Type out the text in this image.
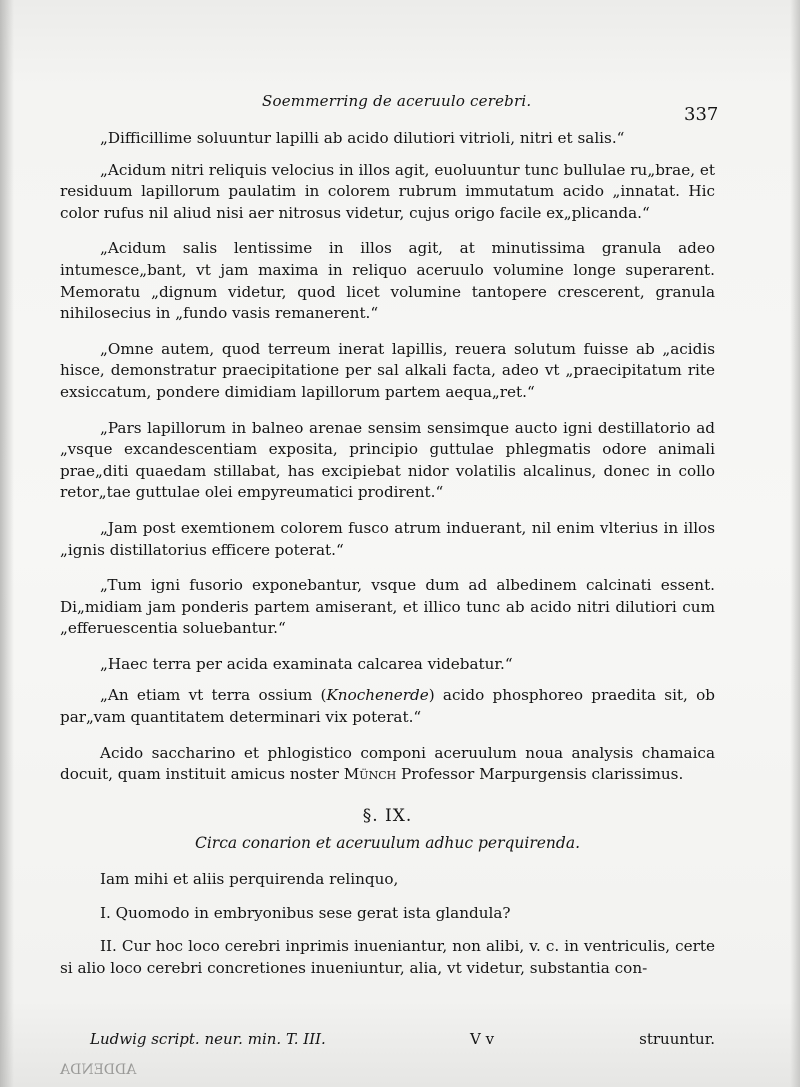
Soemmerring de aceruulo cerebri.
337

„Difficillime soluuntur lapilli ab acido dilutiori vitrioli, nitri et salis.“

„Acidum nitri reliquis velocius in illos agit, euoluuntur tunc bullulae ru„brae, et residuum lapillorum paulatim in colorem rubrum immutatum acido „innatat. Hic color rufus nil aliud nisi aer nitrosus videtur, cujus origo facile ex„plicanda.“

„Acidum salis lentissime in illos agit, at minutissima granula adeo intumesce„bant, vt jam maxima in reliquo aceruulo volumine longe superarent. Memoratu „dignum videtur, quod licet volumine tantopere crescerent, granula nihilosecius in „fundo vasis remanerent.“

„Omne autem, quod terreum inerat lapillis, reuera solutum fuisse ab „acidis hisce, demonstratur praecipitatione per sal alkali facta, adeo vt „praecipitatum rite exsiccatum, pondere dimidiam lapillorum partem aequa„ret.“

„Pars lapillorum in balneo arenae sensim sensimque aucto igni destillatorio ad „vsque excandescentiam exposita, principio guttulae phlegmatis odore animali prae„diti quaedam stillabat, has excipiebat nidor volatilis alcalinus, donec in collo retor„tae guttulae olei empyreumatici prodirent.“

„Jam post exemtionem colorem fusco atrum induerant, nil enim vlterius in illos „ignis distillatorius efficere poterat.“

„Tum igni fusorio exponebantur, vsque dum ad albedinem calcinati essent. Di„midiam jam ponderis partem amiserant, et illico tunc ab acido nitri dilutiori cum „efferuescentia soluebantur.“

„Haec terra per acida examinata calcarea videbatur.“

„An etiam vt terra ossium (Knochenerde) acido phosphoreo praedita sit, ob par„vam quantitatem determinari vix poterat.“

Acido saccharino et phlogistico componi aceruulum noua analysis chamaica docuit, quam instituit amicus noster Münch Professor Marpurgensis clarissimus.

§. IX.
Circa conarion et aceruulum adhuc perquirenda.

Iam mihi et aliis perquirenda relinquo,

I. Quomodo in embryonibus sese gerat ista glandula?

II. Cur hoc loco cerebri inprimis inueniantur, non alibi, v. c. in ventriculis, certe si alio loco cerebri concretiones inueniuntur, alia, vt videtur, substantia con-

Ludwig script. neur. min. T. III.	V v	struuntur.
ADDENDA
